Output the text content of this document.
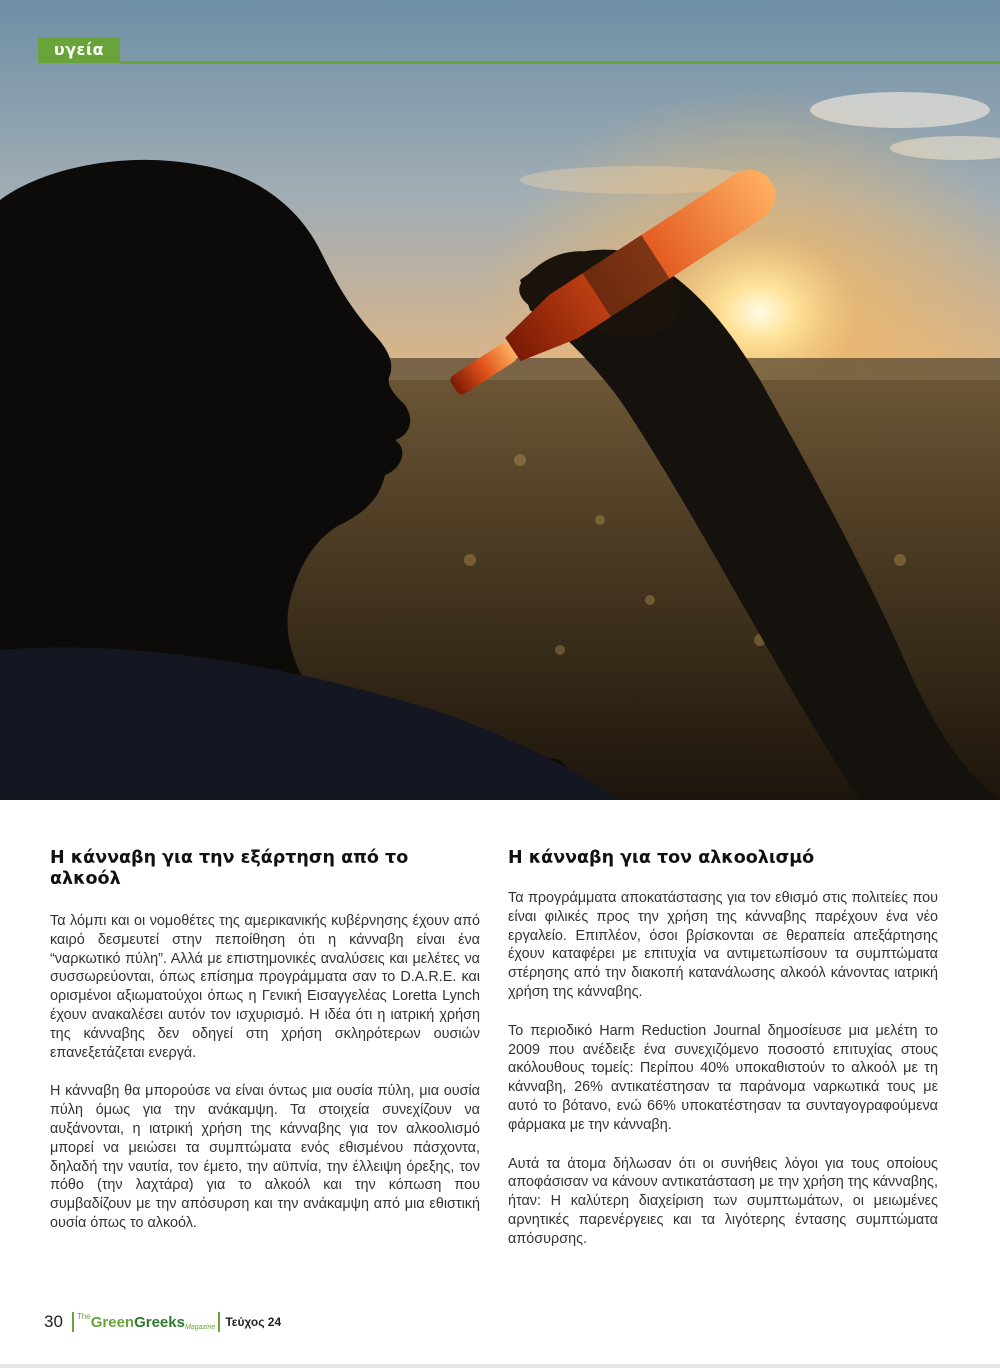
υγεία
Η κάνναβη για την εξάρτηση από το αλκοόλ

Τα λόμπι και οι νομοθέτες της αμερικανικής κυβέρνησης έχουν από καιρό δεσμευτεί στην πεποίθηση ότι η κάνναβη είναι ένα “ναρκωτικό πύλη”. Αλλά με επιστημονικές αναλύσεις και μελέτες να συσσωρεύονται, όπως επίσημα προγράμματα σαν το D.A.R.E. και ορισμένοι αξιωματούχοι όπως η Γενική Εισαγγελέας Loretta Lynch έχουν ανακαλέσει αυτόν τον ισχυρισμό. Η ιδέα ότι η ιατρική χρήση της κάνναβης δεν οδηγεί στη χρήση σκληρότερων ουσιών επανεξετάζεται ενεργά.

Η κάνναβη θα μπορούσε να είναι όντως μια ουσία πύλη, μια ουσία πύλη όμως για την ανάκαμψη. Τα στοιχεία συνεχίζουν να αυξάνονται, η ιατρική χρήση της κάνναβης για τον αλκοολισμό μπορεί να μειώσει τα συμπτώματα ενός εθισμένου πάσχοντα, δηλαδή την ναυτία, τον έμετο, την αϋπνία, την έλλειψη όρεξης, τον πόθο (την λαχτάρα) για το αλκοόλ και την κόπωση που συμβαδίζουν με την απόσυρση και την ανάκαμψη από μια εθιστική ουσία όπως το αλκοόλ.

Η κάνναβη για τον αλκοολισμό

Τα προγράμματα αποκατάστασης για τον εθισμό στις πολιτείες που είναι φιλικές προς την χρήση της κάνναβης παρέχουν ένα νέο εργαλείο. Επιπλέον, όσοι βρίσκονται σε θεραπεία απεξάρτησης έχουν καταφέρει με επιτυχία να αντιμετωπίσουν τα συμπτώματα στέρησης από την διακοπή κατανάλωσης αλκοόλ κάνοντας ιατρική χρήση της κάνναβης.

Το περιοδικό Harm Reduction Journal δημοσίευσε μια μελέτη το 2009 που ανέδειξε ένα συνεχιζόμενο ποσοστό επιτυχίας στους ακόλουθους τομείς: Περίπου 40% υποκαθιστούν το αλκοόλ με τη κάνναβη, 26% αντικατέστησαν τα παράνομα ναρκωτικά τους με αυτό το βότανο, ενώ 66% υποκατέστησαν τα συνταγογραφούμενα φάρμακα με την κάνναβη.

Αυτά τα άτομα δήλωσαν ότι οι συνήθεις λόγοι για τους οποίους αποφάσισαν να κάνουν αντικατάσταση με την χρήση της κάνναβης, ήταν: Η καλύτερη διαχείριση των συμπτωμάτων, οι μειωμένες αρνητικές παρενέργειες και τα λιγότερης έντασης συμπτώματα απόσυρσης.

30 The Green Greeks Magazine Τεύχος 24
